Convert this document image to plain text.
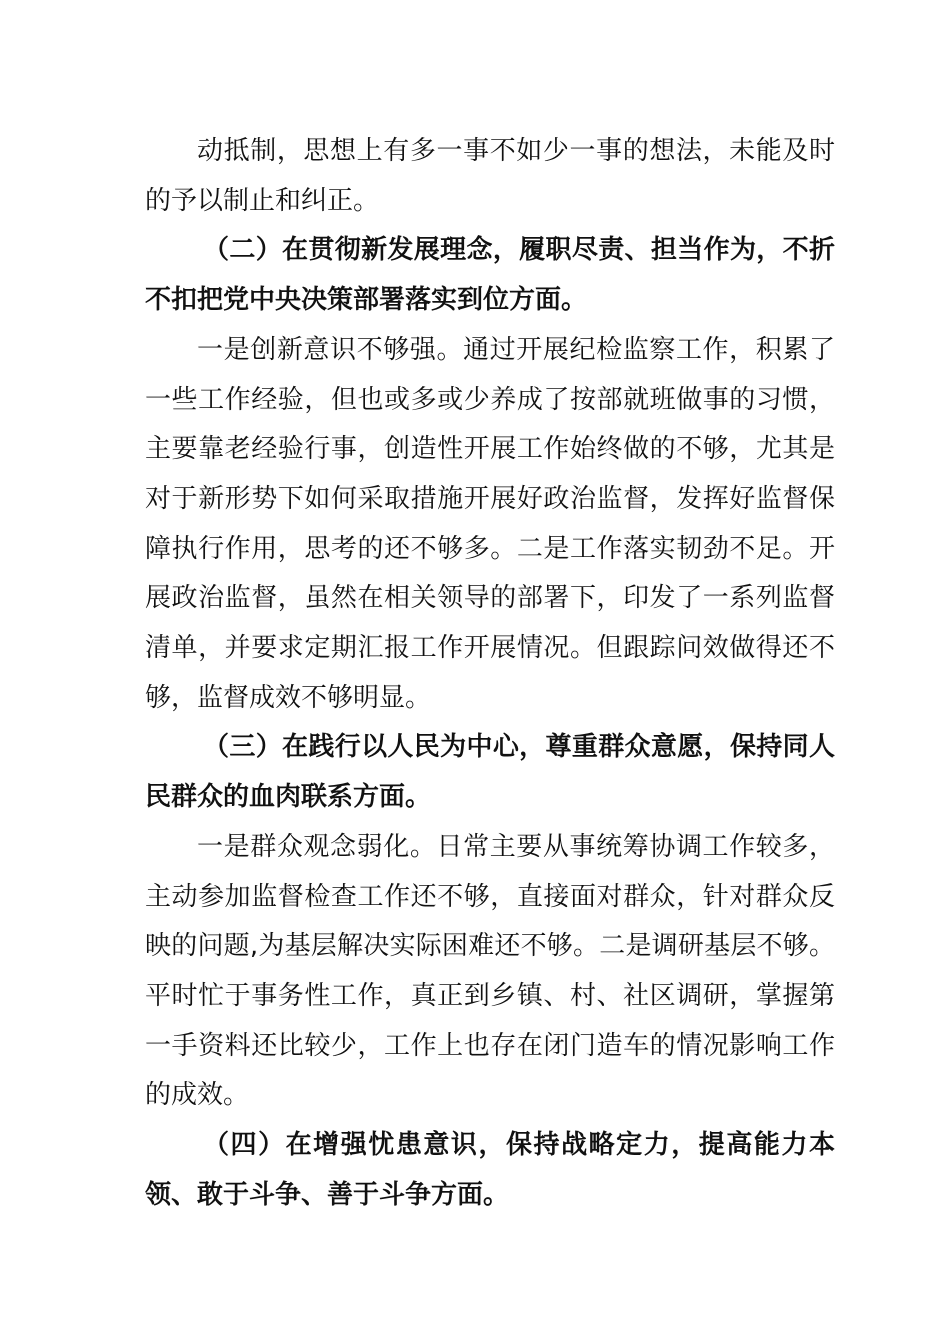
动抵制，思想上有多一事不如少一事的想法，未能及时的予以制止和纠正。

（二）在贯彻新发展理念，履职尽责、担当作为，不折不扣把党中央决策部署落实到位方面。

一是创新意识不够强。通过开展纪检监察工作，积累了一些工作经验，但也或多或少养成了按部就班做事的习惯，主要靠老经验行事，创造性开展工作始终做的不够，尤其是对于新形势下如何采取措施开展好政治监督，发挥好监督保障执行作用，思考的还不够多。二是工作落实韧劲不足。开展政治监督，虽然在相关领导的部署下，印发了一系列监督清单，并要求定期汇报工作开展情况。但跟踪问效做得还不够，监督成效不够明显。

（三）在践行以人民为中心，尊重群众意愿，保持同人民群众的血肉联系方面。

一是群众观念弱化。日常主要从事统筹协调工作较多，主动参加监督检查工作还不够，直接面对群众，针对群众反映的问题,为基层解决实际困难还不够。二是调研基层不够。平时忙于事务性工作，真正到乡镇、村、社区调研，掌握第一手资料还比较少，工作上也存在闭门造车的情况影响工作的成效。

（四）在增强忧患意识，保持战略定力，提高能力本领、敢于斗争、善于斗争方面。
